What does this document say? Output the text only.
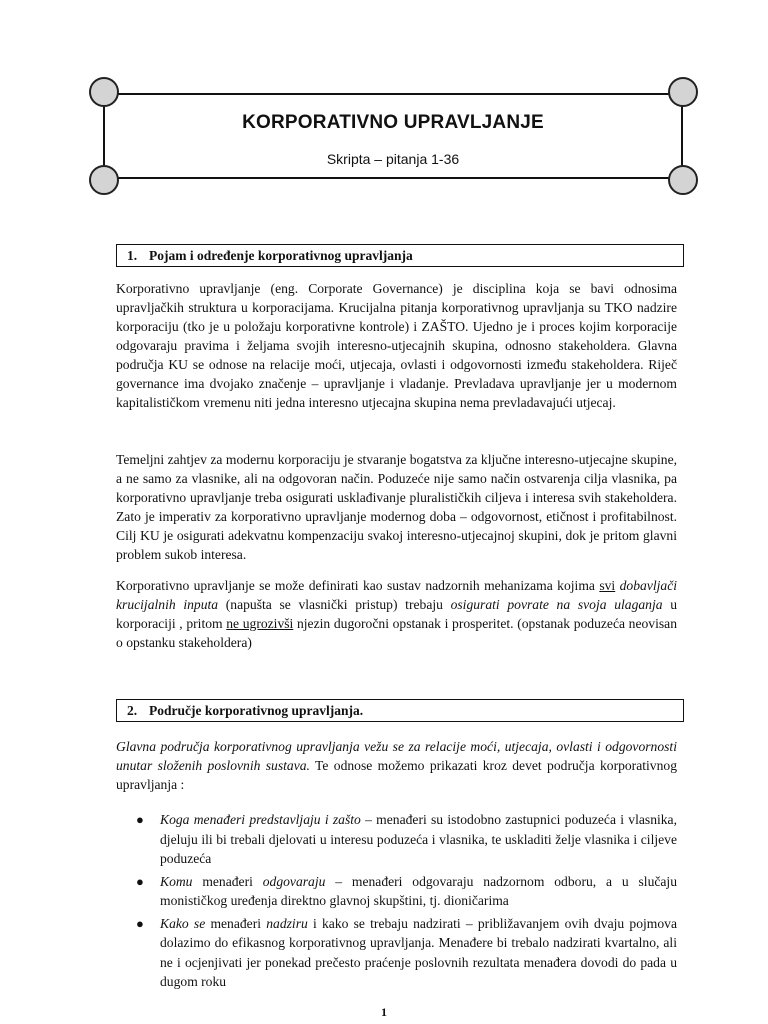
KORPORATIVNO UPRAVLJANJE
Skripta – pitanja 1-36
1. Pojam i određenje korporativnog upravljanja

Korporativno upravljanje (eng. Corporate Governance) je disciplina koja se bavi odnosima upravljačkih struktura u korporacijama. Krucijalna pitanja korporativnog upravljanja su TKO nadzire korporaciju (tko je u položaju korporativne kontrole) i ZAŠTO. Ujedno je i proces kojim korporacije odgovaraju pravima i željama svojih interesno-utjecajnih skupina, odnosno stakeholdera. Glavna područja KU se odnose na relacije moći, utjecaja, ovlasti i odgovornosti između stakeholdera. Riječ governance ima dvojako značenje – upravljanje i vladanje. Prevladava upravljanje jer u modernom kapitalističkom vremenu niti jedna interesno utjecajna skupina nema prevladavajući utjecaj.

Temeljni zahtjev za modernu korporaciju je stvaranje bogatstva za ključne interesno-utjecajne skupine, a ne samo za vlasnike, ali na odgovoran način. Poduzeće nije samo način ostvarenja cilja vlasnika, pa korporativno upravljanje treba osigurati usklađivanje pluralističkih ciljeva i interesa svih stakeholdera. Zato je imperativ za korporativno upravljanje modernog doba – odgovornost, etičnost i profitabilnost. Cilj KU je osigurati adekvatnu kompenzaciju svakoj interesno-utjecajnoj skupini, dok je pritom glavni problem sukob interesa.

Korporativno upravljanje se može definirati kao sustav nadzornih mehanizama kojima svi dobavljači krucijalnih inputa (napušta se vlasnički pristup) trebaju osigurati povrate na svoja ulaganja u korporaciji , pritom ne ugrozivši njezin dugoročni opstanak i prosperitet. (opstanak poduzeća neovisan o opstanku stakeholdera)

2. Područje korporativnog upravljanja.

Glavna područja korporativnog upravljanja vežu se za relacije moći, utjecaja, ovlasti i odgovornosti unutar složenih poslovnih sustava. Te odnose možemo prikazati kroz devet područja korporativnog upravljanja :

● Koga menađeri predstavljaju i zašto – menađeri su istodobno zastupnici poduzeća i vlasnika, djeluju ili bi trebali djelovati u interesu poduzeća i vlasnika, te uskladiti želje vlasnika i ciljeve poduzeća
● Komu menađeri odgovaraju – menađeri odgovaraju nadzornom odboru, a u slučaju monističkog uređenja direktno glavnoj skupštini, tj. dioničarima
● Kako se menađeri nadziru i kako se trebaju nadzirati – približavanjem ovih dvaju pojmova dolazimo do efikasnog korporativnog upravljanja. Menađere bi trebalo nadzirati kvartalno, ali ne i ocjenjivati jer ponekad prečesto praćenje poslovnih rezultata menađera dovodi do pada u dugom roku
1
